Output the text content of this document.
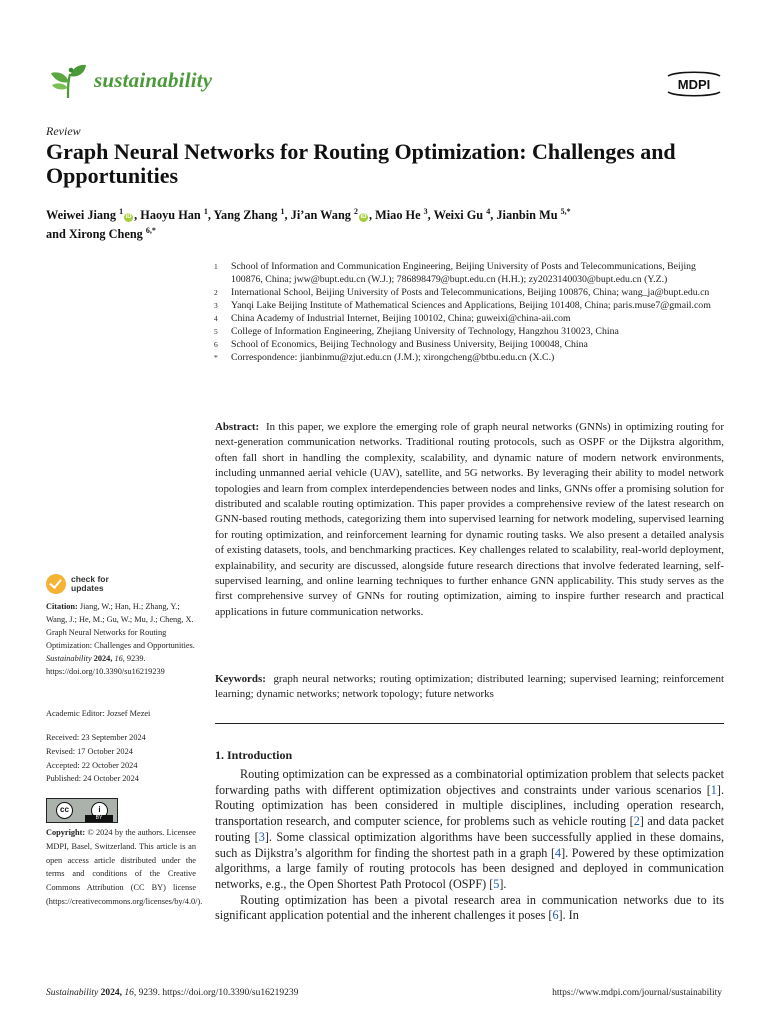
sustainability	MDPI
Review
Graph Neural Networks for Routing Optimization: Challenges and Opportunities
Weiwei Jiang $^1$iD , Haoyu Han $^1$, Yang Zhang $^1$, Ji’an Wang $^2$iD , Miao He $^3$, Weixi Gu $^4$, Jianbin Mu $^{5,*}$
and Xirong Cheng $^{6,*}$
1	School of Information and Communication Engineering, Beijing University of Posts and Telecommunications, Beijing 100876, China; jww@bupt.edu.cn (W.J.); 786898479@bupt.edu.cn (H.H.); zy2023140030@bupt.edu.cn (Y.Z.)
2	International School, Beijing University of Posts and Telecommunications, Beijing 100876, China; wang_ja@bupt.edu.cn
3	Yanqi Lake Beijing Institute of Mathematical Sciences and Applications, Beijing 101408, China; paris.muse7@gmail.com
4	China Academy of Industrial Internet, Beijing 100102, China; guweixi@china-aii.com
5	College of Information Engineering, Zhejiang University of Technology, Hangzhou 310023, China
6	School of Economics, Beijing Technology and Business University, Beijing 100048, China
*	Correspondence: jianbinmu@zjut.edu.cn (J.M.); xirongcheng@btbu.edu.cn (X.C.)

Abstract: In this paper, we explore the emerging role of graph neural networks (GNNs) in optimizing routing for next-generation communication networks. Traditional routing protocols, such as OSPF or the Dijkstra algorithm, often fall short in handling the complexity, scalability, and dynamic nature of modern network environments, including unmanned aerial vehicle (UAV), satellite, and 5G networks. By leveraging their ability to model network topologies and learn from complex interdependencies between nodes and links, GNNs offer a promising solution for distributed and scalable routing optimization. This paper provides a comprehensive review of the latest research on GNN-based routing methods, categorizing them into supervised learning for network modeling, supervised learning for routing optimization, and reinforcement learning for dynamic routing tasks. We also present a detailed analysis of existing datasets, tools, and benchmarking practices. Key challenges related to scalability, real-world deployment, explainability, and security are discussed, alongside future research directions that involve federated learning, self-supervised learning, and online learning techniques to further enhance GNN applicability. This study serves as the first comprehensive survey of GNNs for routing optimization, aiming to inspire further research and practical applications in future communication networks.

Keywords: graph neural networks; routing optimization; distributed learning; supervised learning; reinforcement learning; dynamic networks; network topology; future networks

1. Introduction

Routing optimization can be expressed as a combinatorial optimization problem that selects packet forwarding paths with different optimization objectives and constraints under various scenarios [1]. Routing optimization has been considered in multiple disciplines, including operation research, transportation research, and computer science, for problems such as vehicle routing [2] and data packet routing [3]. Some classical optimization algorithms have been successfully applied in these domains, such as Dijkstra’s algorithm for finding the shortest path in a graph [4]. Powered by these optimization algorithms, a large family of routing protocols has been designed and deployed in communication networks, e.g., the Open Shortest Path Protocol (OSPF) [5].

Routing optimization has been a pivotal research area in communication networks due to its significant application potential and the inherent challenges it poses [6]. In

check for
updates
Citation: Jiang, W.; Han, H.; Zhang, Y.; Wang, J.; He, M.; Gu, W.; Mu, J.; Cheng, X. Graph Neural Networks for Routing Optimization: Challenges and Opportunities. Sustainability 2024, 16, 9239. https://doi.org/10.3390/su16219239
Academic Editor: Jozsef Mezei
Received: 23 September 2024
Revised: 17 October 2024
Accepted: 22 October 2024
Published: 24 October 2024
cc	i
BY
Copyright: © 2024 by the authors. Licensee MDPI, Basel, Switzerland. This article is an open access article distributed under the terms and conditions of the Creative Commons Attribution (CC BY) license (https://creativecommons.org/licenses/by/4.0/).
Sustainability 2024, 16, 9239. https://doi.org/10.3390/su16219239	https://www.mdpi.com/journal/sustainability
